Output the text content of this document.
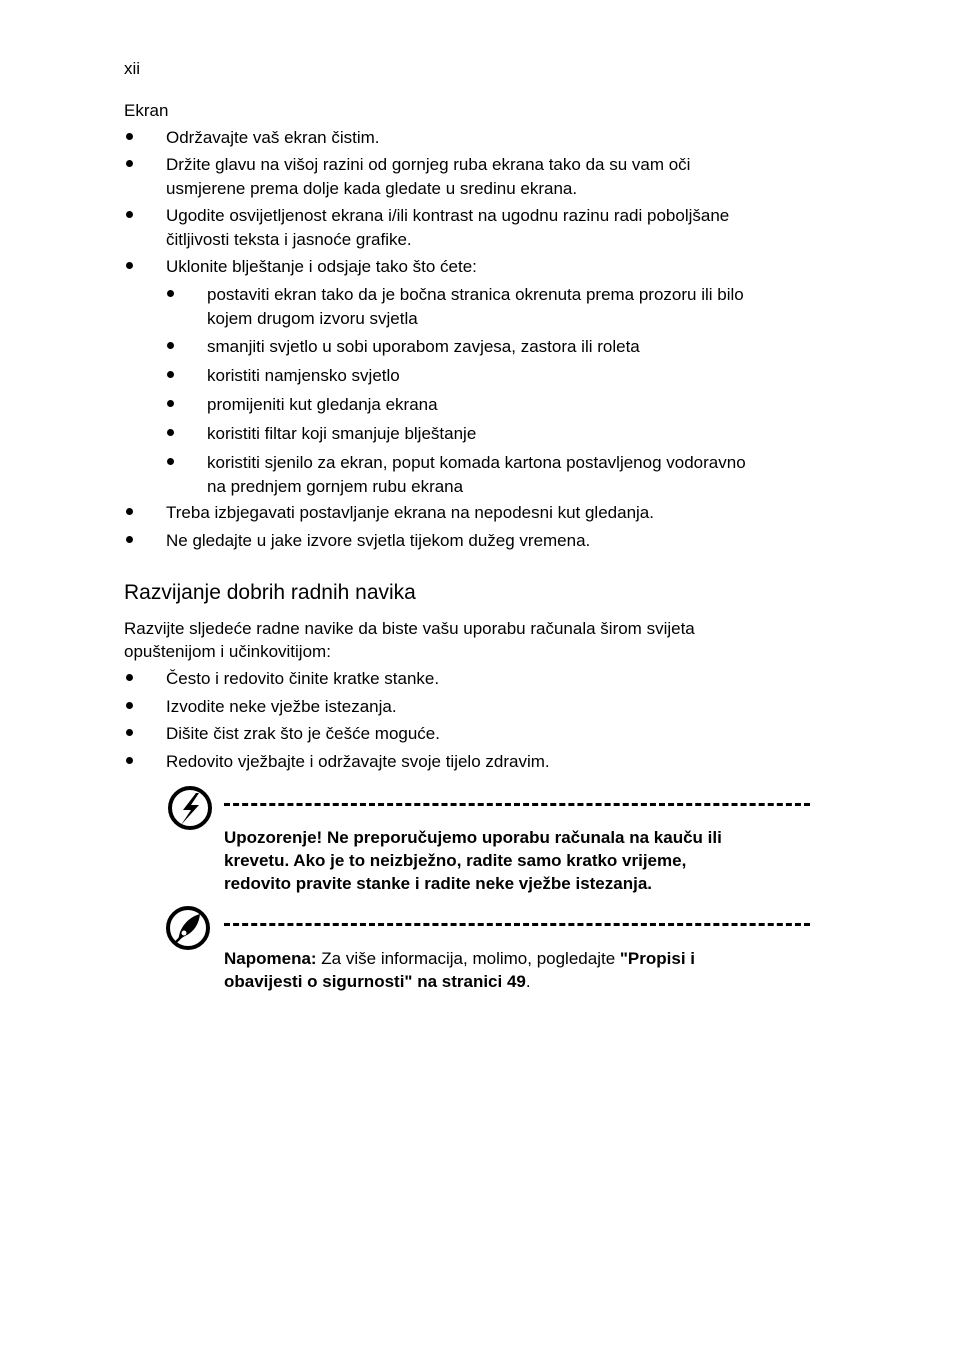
xii
Ekran
Održavajte vaš ekran čistim.
Držite glavu na višoj razini od gornjeg ruba ekrana tako da su vam oči
usmjerene prema dolje kada gledate u sredinu ekrana.
Ugodite osvijetljenost ekrana i/ili kontrast na ugodnu razinu radi poboljšane
čitljivosti teksta i jasnoće grafike.
Uklonite blještanje i odsjaje tako što ćete:
postaviti ekran tako da je bočna stranica okrenuta prema prozoru ili bilo
kojem drugom izvoru svjetla
smanjiti svjetlo u sobi uporabom zavjesa, zastora ili roleta
koristiti namjensko svjetlo
promijeniti kut gledanja ekrana
koristiti filtar koji smanjuje blještanje
koristiti sjenilo za ekran, poput komada kartona postavljenog vodoravno
na prednjem gornjem rubu ekrana
Treba izbjegavati postavljanje ekrana na nepodesni kut gledanja.
Ne gledajte u jake izvore svjetla tijekom dužeg vremena.
Razvijanje dobrih radnih navika
Razvijte sljedeće radne navike da biste vašu uporabu računala širom svijeta
opuštenijom i učinkovitijom:
Često i redovito činite kratke stanke.
Izvodite neke vježbe istezanja.
Dišite čist zrak što je češće moguće.
Redovito vježbajte i održavajte svoje tijelo zdravim.
Upozorenje! Ne preporučujemo uporabu računala na kauču ili
krevetu. Ako je to neizbježno, radite samo kratko vrijeme,
redovito pravite stanke i radite neke vježbe istezanja.
Napomena: Za više informacija, molimo, pogledajte "Propisi i
obavijesti o sigurnosti" na stranici 49.
